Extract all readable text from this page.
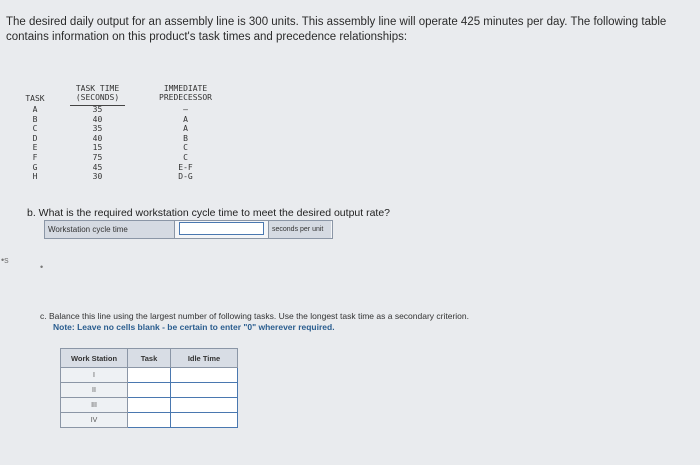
The desired daily output for an assembly line is 300 units. This assembly line will operate 425 minutes per day. The following table contains information on this product's task times and precedence relationships:
TASK
TASK TIME
(SECONDS)
IMMEDIATE
PREDECESSOR
A	35	—
B	40	A
C	35	A
D	40	B
E	15	C
F	75	C
G	45	E-F
H	30	D-G
b. What is the required workstation cycle time to meet the desired output rate?
Workstation cycle time	seconds per unit
c. Balance this line using the largest number of following tasks. Use the longest task time as a secondary criterion.
Note: Leave no cells blank - be certain to enter "0" wherever required.
Work Station	Task	Idle Time
I		
II		
III		
IV		
•s
•
